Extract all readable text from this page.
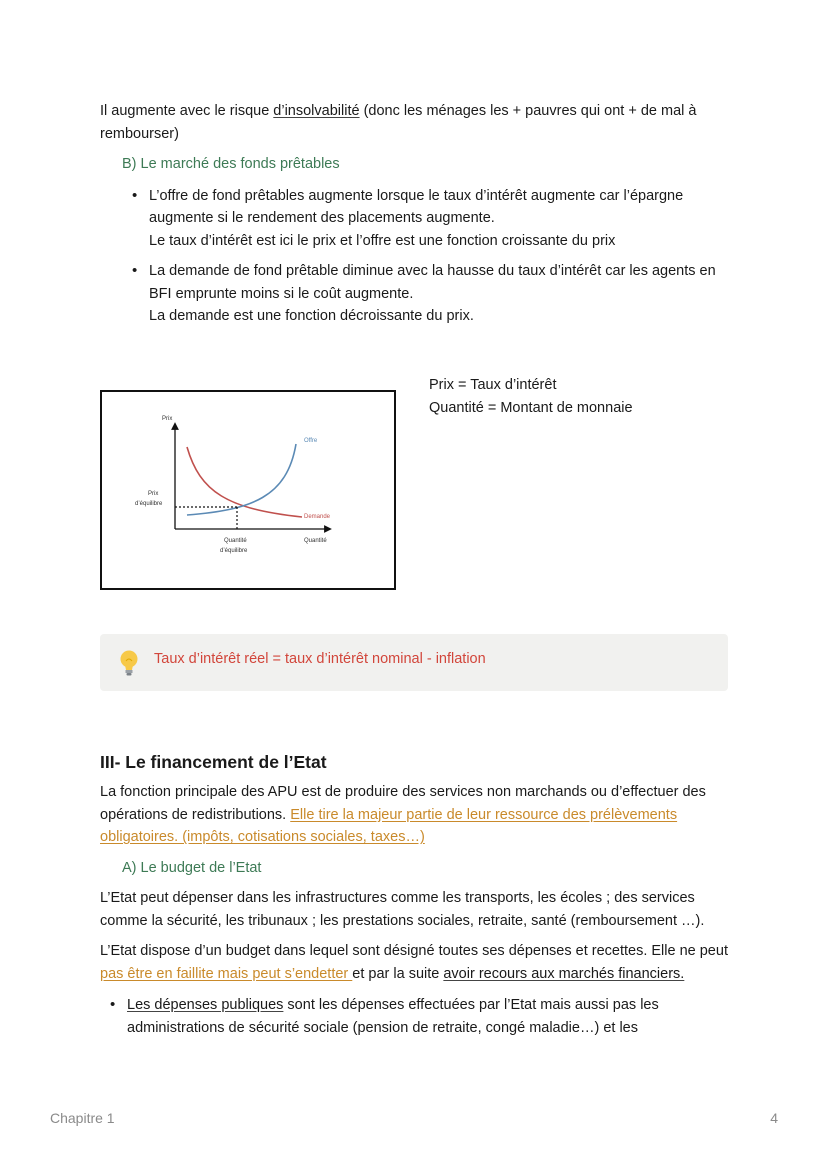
Il augmente avec le risque d’insolvabilité (donc les ménages les + pauvres qui ont + de mal à rembourser)

B) Le marché des fonds prêtables

• L’offre de fond prêtables augmente lorsque le taux d’intérêt augmente car l’épargne augmente si le rendement des placements augmente.
Le taux d’intérêt est ici le prix et l’offre est une fonction croissante du prix
• La demande de fond prêtable diminue avec la hausse du taux d’intérêt car les agents en BFI emprunte moins si le coût augmente.
La demande est une fonction décroissante du prix.
Prix
Quantité
Offre
Demande
Prix
d’équilibre
Quantité
d’équilibre

Prix = Taux d’intérêt

Quantité = Montant de monnaie

Taux d’intérêt réel = taux d’intérêt nominal - inflation
III- Le financement de l’Etat

La fonction principale des APU est de produire des services non marchands ou d’effectuer des opérations de redistributions. Elle tire la majeur partie de leur ressource des prélèvements obligatoires. (impôts, cotisations sociales, taxes…)

A) Le budget de l’Etat

L’Etat peut dépenser dans les infrastructures comme les transports, les écoles ; des services comme la sécurité, les tribunaux ; les prestations sociales, retraite, santé (remboursement …).

L’Etat dispose d’un budget dans lequel sont désigné toutes ses dépenses et recettes. Elle ne peut pas être en faillite mais peut s’endetter et par la suite avoir recours aux marchés financiers.

• Les dépenses publiques sont les dépenses effectuées par l’Etat mais aussi pas les administrations de sécurité sociale (pension de retraite, congé maladie…) et les
Chapitre 1	4
